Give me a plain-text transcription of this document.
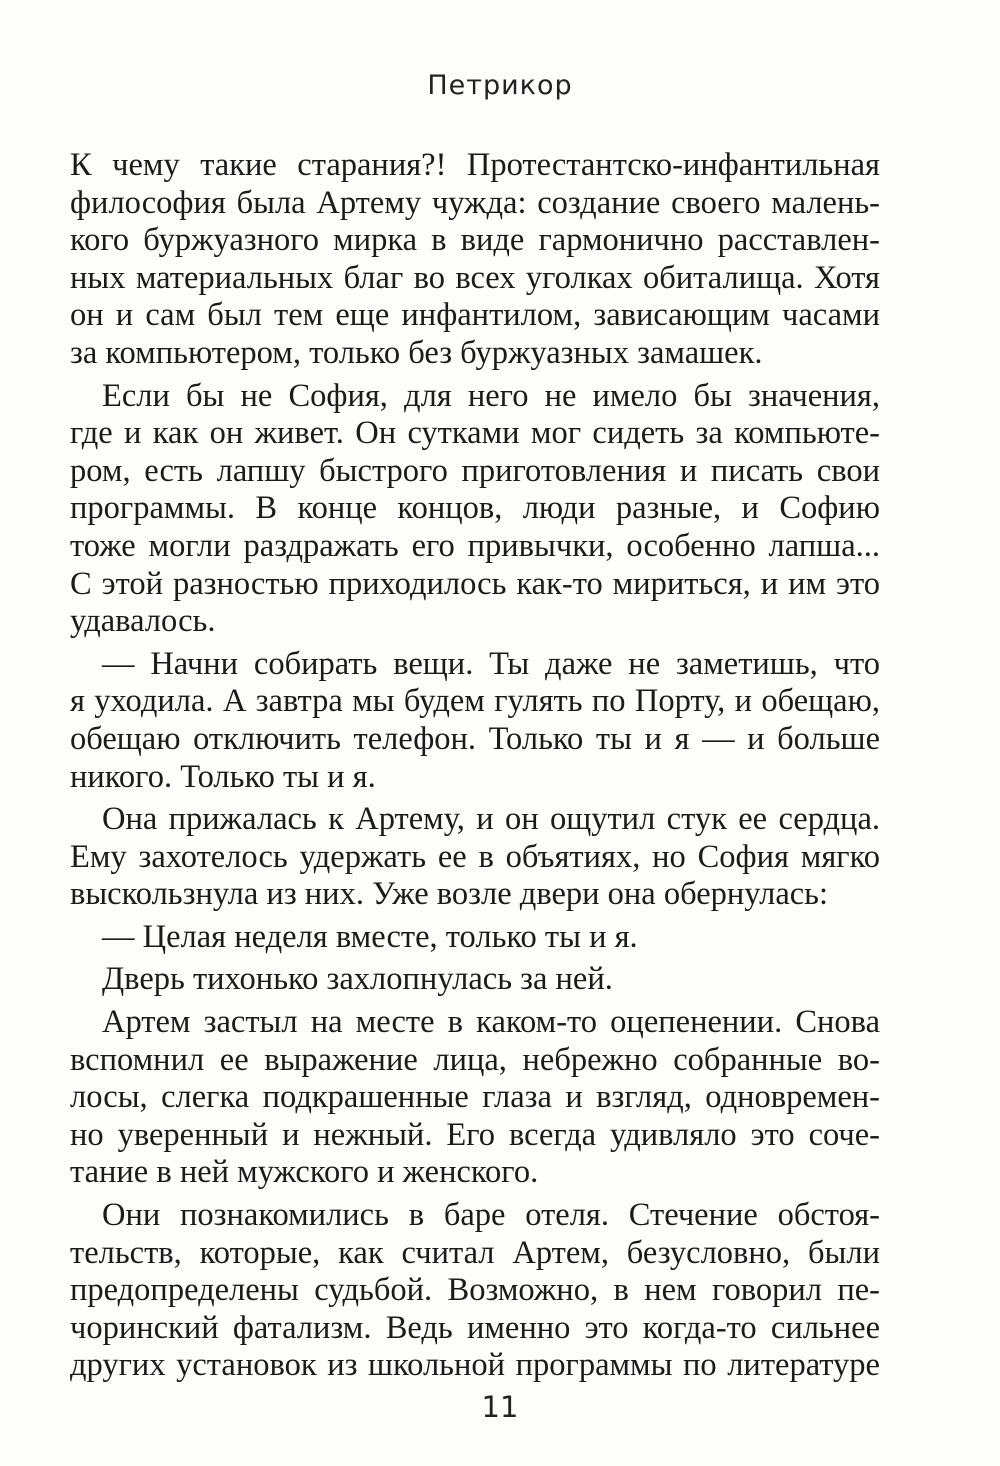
Петрикор
К чему такие старания?! Протестантско-инфантильная
философия была Артему чужда: создание своего малень-
кого буржуазного мирка в виде гармонично расставлен-
ных материальных благ во всех уголках обиталища. Хотя
он и сам был тем еще инфантилом, зависающим часами
за компьютером, только без буржуазных замашек.
Если бы не София, для него не имело бы значения,
где и как он живет. Он сутками мог сидеть за компьюте-
ром, есть лапшу быстрого приготовления и писать свои
программы. В конце концов, люди разные, и Софию
тоже могли раздражать его привычки, особенно лапша...
С этой разностью приходилось как-то мириться, и им это
удавалось.
— Начни собирать вещи. Ты даже не заметишь, что
я уходила. А завтра мы будем гулять по Порту, и обещаю,
обещаю отключить телефон. Только ты и я — и больше
никого. Только ты и я.
Она прижалась к Артему, и он ощутил стук ее сердца.
Ему захотелось удержать ее в объятиях, но София мягко
выскользнула из них. Уже возле двери она обернулась:
— Целая неделя вместе, только ты и я.
Дверь тихонько захлопнулась за ней.
Артем застыл на месте в каком-то оцепенении. Снова
вспомнил ее выражение лица, небрежно собранные во-
лосы, слегка подкрашенные глаза и взгляд, одновремен-
но уверенный и нежный. Его всегда удивляло это соче-
тание в ней мужского и женского.
Они познакомились в баре отеля. Стечение обстоя-
тельств, которые, как считал Артем, безусловно, были
предопределены судьбой. Возможно, в нем говорил пе-
чоринский фатализм. Ведь именно это когда-то сильнее
других установок из школьной программы по литературе
11
